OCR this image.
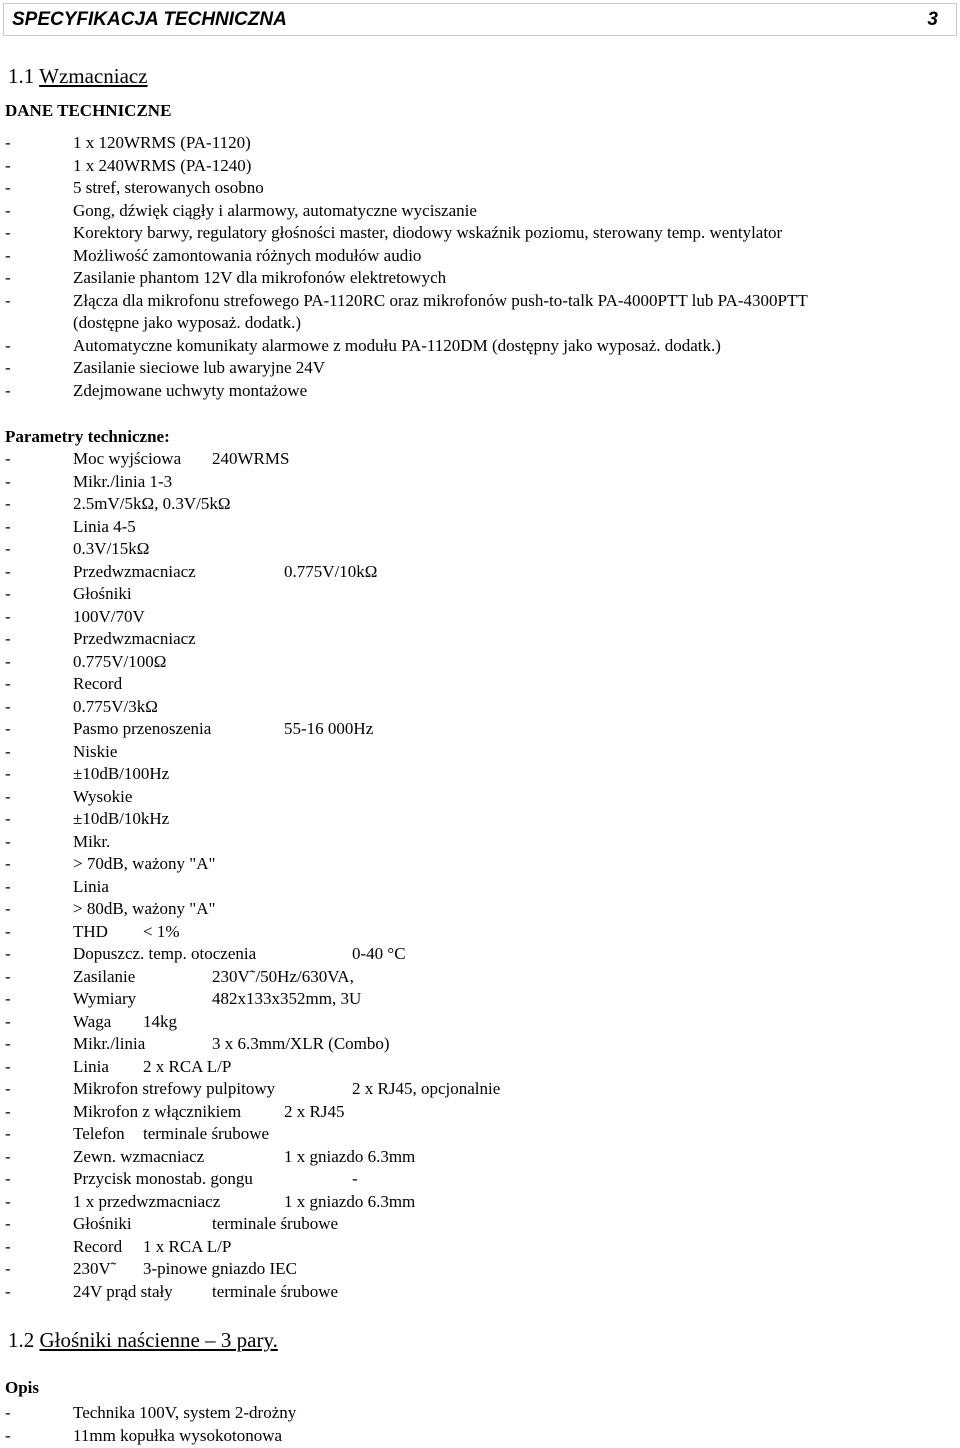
SPECYFIKACJA TECHNICZNA	3
1.1 Wzmacniacz
DANE TECHNICZNE
-	1 x 120WRMS (PA-1120)
-	1 x 240WRMS (PA-1240)
-	5 stref, sterowanych osobno
-	Gong, dźwięk ciągły i alarmowy, automatyczne wyciszanie
-	Korektory barwy, regulatory głośności master, diodowy wskaźnik poziomu, sterowany temp. wentylator
-	Możliwość zamontowania różnych modułów audio
-	Zasilanie phantom 12V dla mikrofonów elektretowych
-	Złącza dla mikrofonu strefowego PA-1120RC oraz mikrofonów push-to-talk PA-4000PTT lub PA-4300PTT
(dostępne jako wyposaż. dodatk.)
-	Automatyczne komunikaty alarmowe z modułu PA-1120DM (dostępny jako wyposaż. dodatk.)
-	Zasilanie sieciowe lub awaryjne 24V
-	Zdejmowane uchwyty montażowe
Parametry techniczne:
-	Moc wyjściowa 240WRMS
-	Mikr./linia 1-3
-	2.5mV/5kΩ, 0.3V/5kΩ
-	Linia 4-5
-	0.3V/15kΩ
-	Przedwzmacniacz	0.775V/10kΩ
-	Głośniki
-	100V/70V
-	Przedwzmacniacz
-	0.775V/100Ω
-	Record
-	0.775V/3kΩ
-	Pasmo przenoszenia	55-16 000Hz
-	Niskie
-	±10dB/100Hz
-	Wysokie
-	±10dB/10kHz
-	Mikr.
-	> 70dB, ważony "A"
-	Linia
-	> 80dB, ważony "A"
-	THD < 1%
-	Dopuszcz. temp. otoczenia	0-40 °C
-	Zasilanie	230V˜/50Hz/630VA,
-	Wymiary	482x133x352mm, 3U
-	Waga 14kg
-	Mikr./linia	3 x 6.3mm/XLR (Combo)
-	Linia 2 x RCA L/P
-	Mikrofon strefowy pulpitowy	2 x RJ45, opcjonalnie
-	Mikrofon z włącznikiem	2 x RJ45
-	Telefon terminale śrubowe
-	Zewn. wzmacniacz	1 x gniazdo 6.3mm
-	Przycisk monostab. gongu	-
-	1 x przedwzmacniacz	1 x gniazdo 6.3mm
-	Głośniki	terminale śrubowe
-	Record 1 x RCA L/P
-	230V˜ 3-pinowe gniazdo IEC
-	24V prąd stały terminale śrubowe
1.2 Głośniki naścienne – 3 pary.
Opis
-	Technika 100V, system 2-drożny
-	11mm kopułka wysokotonowa
